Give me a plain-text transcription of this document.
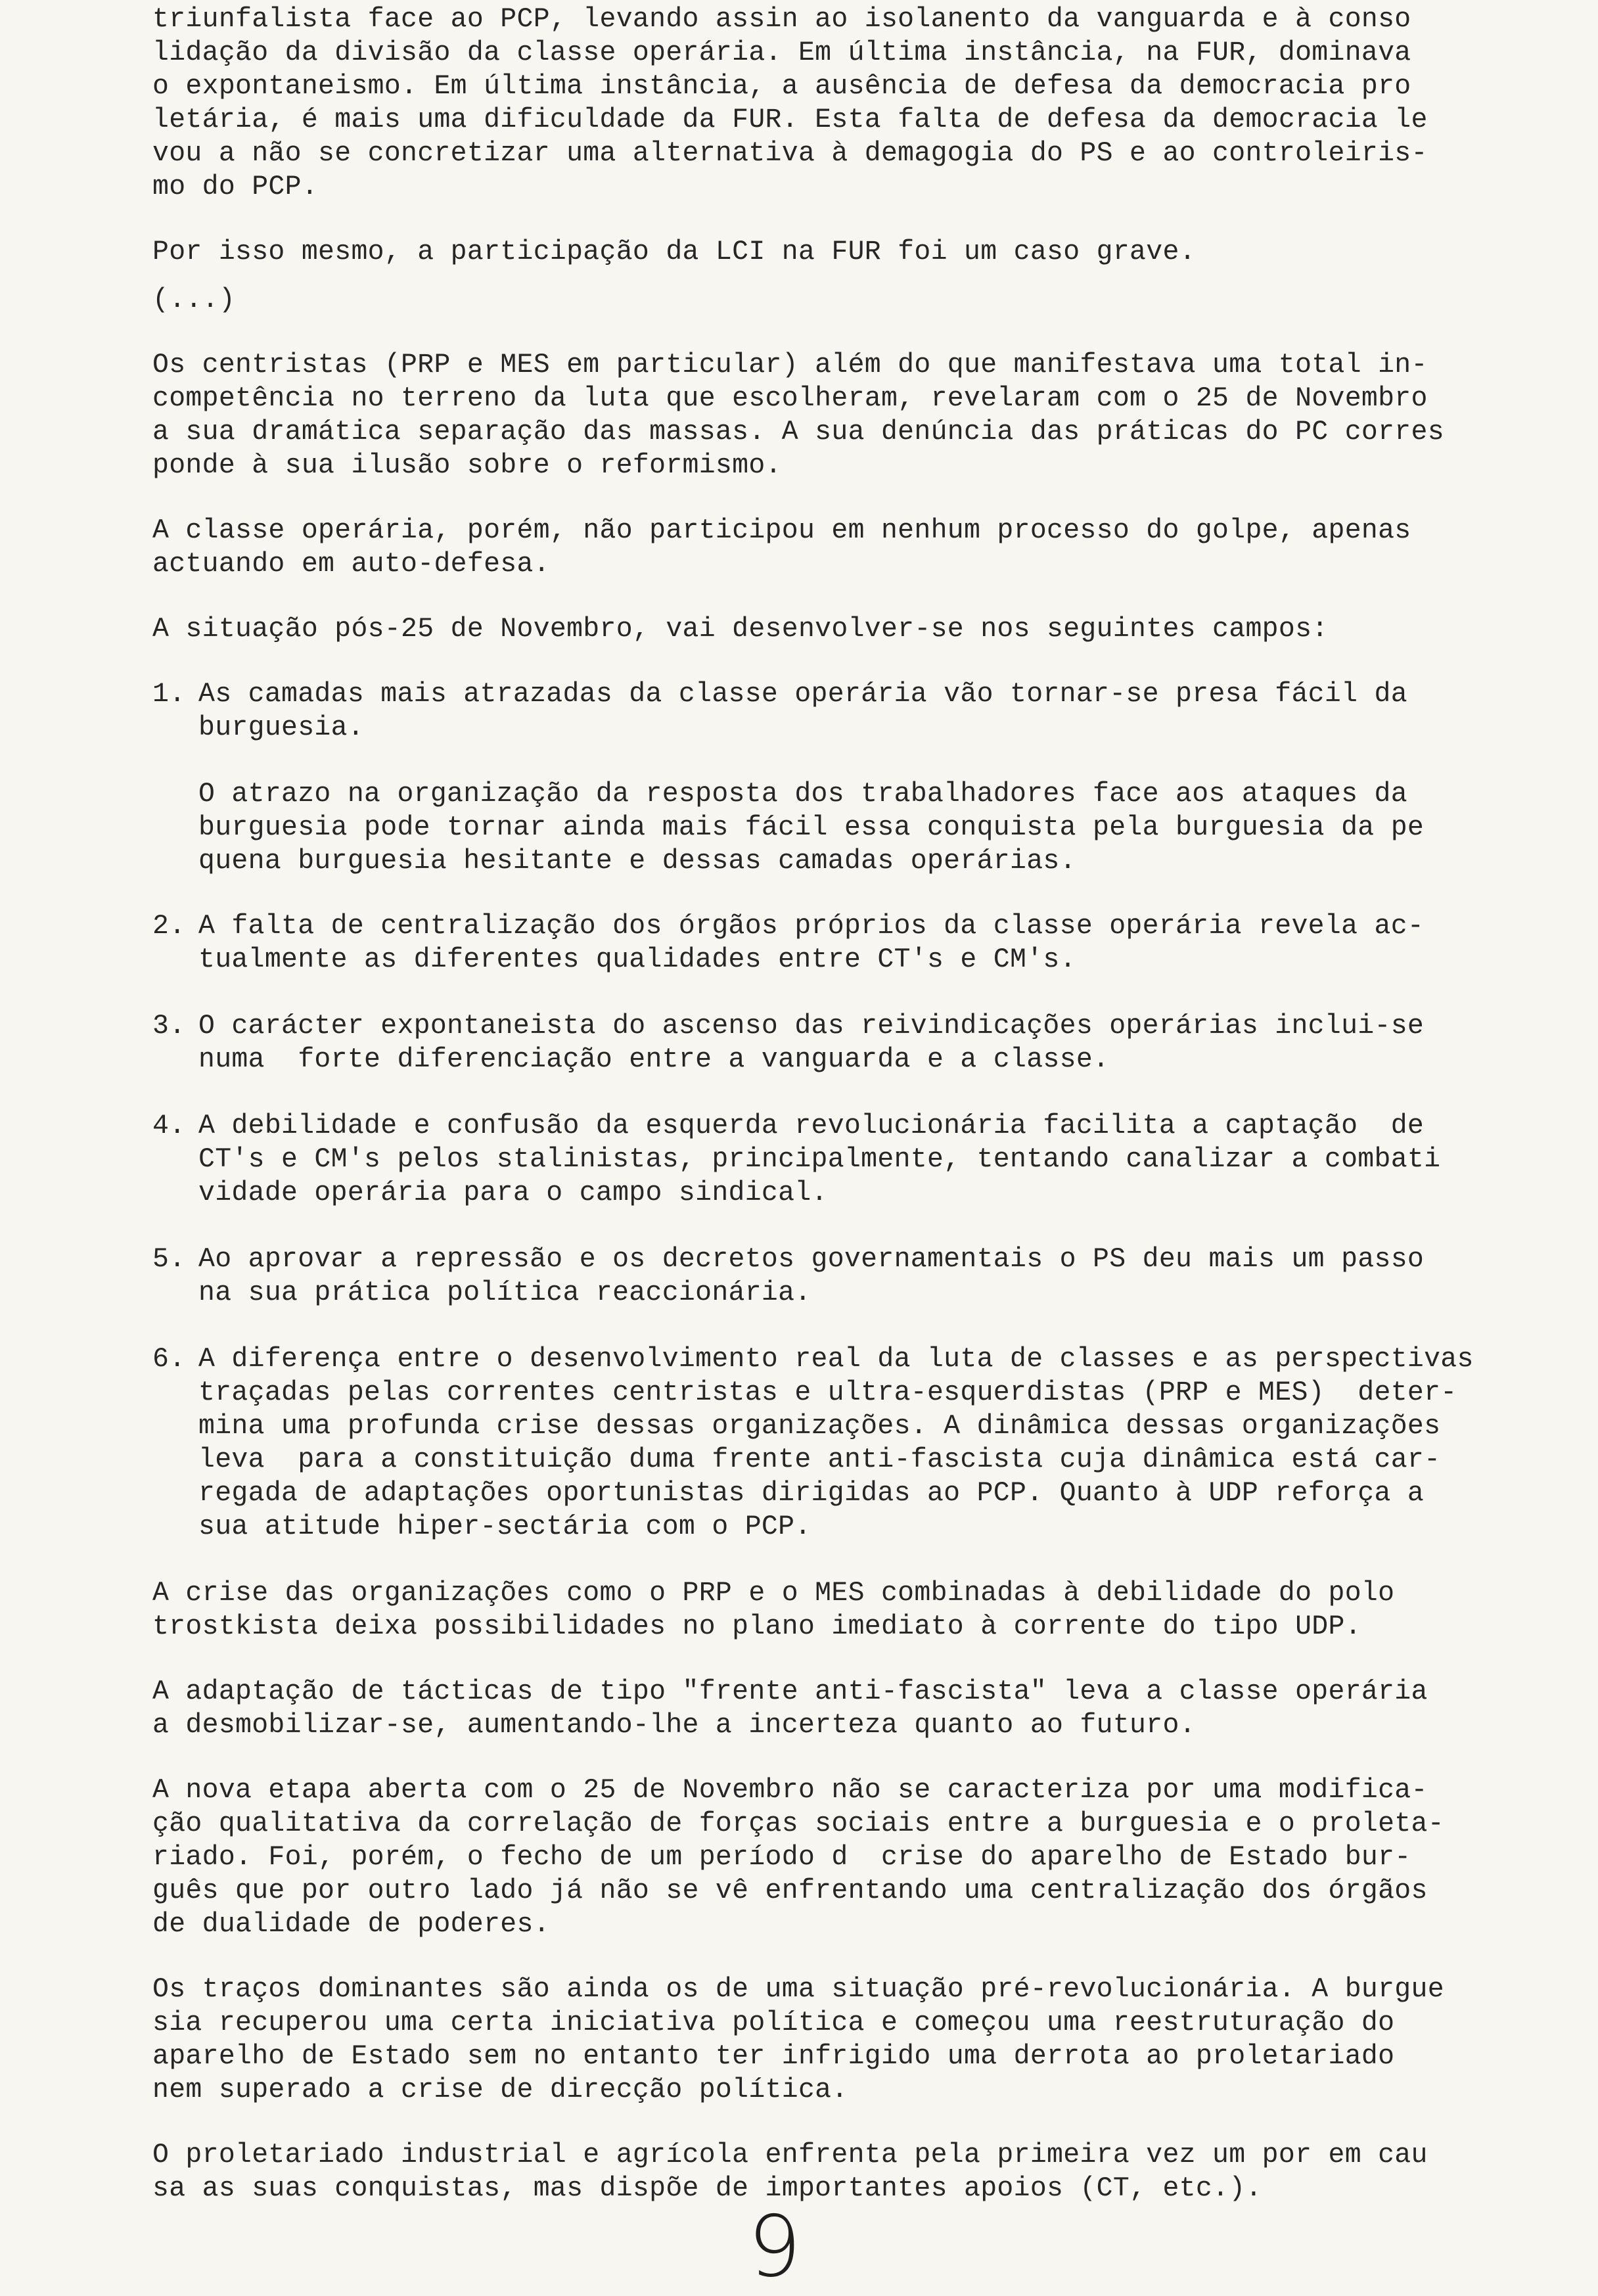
triunfalista face ao PCP, levando assin ao isolanento da vanguarda e à conso
lidação da divisão da classe operária. Em última instância, na FUR, dominava
o expontaneismo. Em última instância, a ausência de defesa da democracia pro
letária, é mais uma dificuldade da FUR. Esta falta de defesa da democracia le
vou a não se concretizar uma alternativa à demagogia do PS e ao controleiris-
mo do PCP.
Por isso mesmo, a participação da LCI na FUR foi um caso grave.
(...)
Os centristas (PRP e MES em particular) além do que manifestava uma total in-
competência no terreno da luta que escolheram, revelaram com o 25 de Novembro
a sua dramática separação das massas. A sua denúncia das práticas do PC corres
ponde à sua ilusão sobre o reformismo.
A classe operária, porém, não participou em nenhum processo do golpe, apenas
actuando em auto-defesa.
A situação pós-25 de Novembro, vai desenvolver-se nos seguintes campos:
1. As camadas mais atrazadas da classe operária vão tornar-se presa fácil da
burguesia.
O atrazo na organização da resposta dos trabalhadores face aos ataques da
burguesia pode tornar ainda mais fácil essa conquista pela burguesia da pe
quena burguesia hesitante e dessas camadas operárias.
2. A falta de centralização dos órgãos próprios da classe operária revela ac-
tualmente as diferentes qualidades entre CT's e CM's.
3. O carácter expontaneista do ascenso das reivindicações operárias inclui-se
numa  forte diferenciação entre a vanguarda e a classe.
4. A debilidade e confusão da esquerda revolucionária facilita a captação  de
CT's e CM's pelos stalinistas, principalmente, tentando canalizar a combati
vidade operária para o campo sindical.
5. Ao aprovar a repressão e os decretos governamentais o PS deu mais um passo
na sua prática política reaccionária.
6. A diferença entre o desenvolvimento real da luta de classes e as perspectivas
traçadas pelas correntes centristas e ultra-esquerdistas (PRP e MES)  deter-
mina uma profunda crise dessas organizações. A dinâmica dessas organizações
leva  para a constituição duma frente anti-fascista cuja dinâmica está car-
regada de adaptações oportunistas dirigidas ao PCP. Quanto à UDP reforça a
sua atitude hiper-sectária com o PCP.
A crise das organizações como o PRP e o MES combinadas à debilidade do polo
trostkista deixa possibilidades no plano imediato à corrente do tipo UDP.
A adaptação de tácticas de tipo "frente anti-fascista" leva a classe operária
a desmobilizar-se, aumentando-lhe a incerteza quanto ao futuro.
A nova etapa aberta com o 25 de Novembro não se caracteriza por uma modifica-
ção qualitativa da correlação de forças sociais entre a burguesia e o proleta-
riado. Foi, porém, o fecho de um período d  crise do aparelho de Estado bur-
guês que por outro lado já não se vê enfrentando uma centralização dos órgãos
de dualidade de poderes.
Os traços dominantes são ainda os de uma situação pré-revolucionária. A burgue
sia recuperou uma certa iniciativa política e começou uma reestruturação do
aparelho de Estado sem no entanto ter infrigido uma derrota ao proletariado
nem superado a crise de direcção política.
O proletariado industrial e agrícola enfrenta pela primeira vez um por em cau
sa as suas conquistas, mas dispõe de importantes apoios (CT, etc.).
9
